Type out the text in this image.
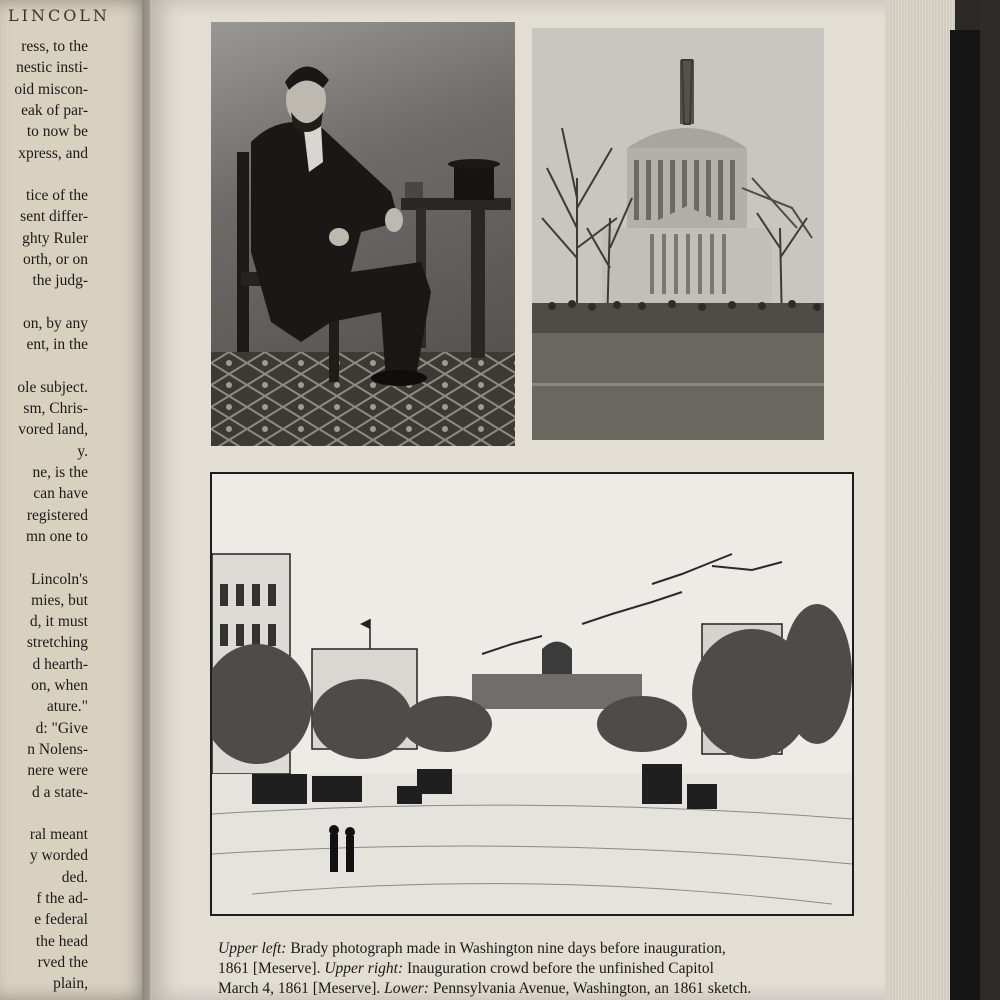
LINCOLN
ress, to the
nestic insti-
oid miscon-
eak of par-
to now be
xpress, and
tice of the
sent differ-
ghty Ruler
orth, or on
the judg-
on, by any
ent, in the
ole subject.
sm, Chris-
vored land,
y.
ne, is the
can have
registered
mn one to
Lincoln's
mies, but
d, it must
stretching
d hearth-
on, when
ature."
d: "Give
n Nolens-
nere were
d a state-
ral meant
y worded
ded.
f the ad-
e federal
the head
rved the
plain,
Upper left: Brady photograph made in Washington nine days before inauguration,
1861 [Meserve]. Upper right: Inauguration crowd before the unfinished Capitol
March 4, 1861 [Meserve]. Lower: Pennsylvania Avenue, Washington, an 1861 sketch.
